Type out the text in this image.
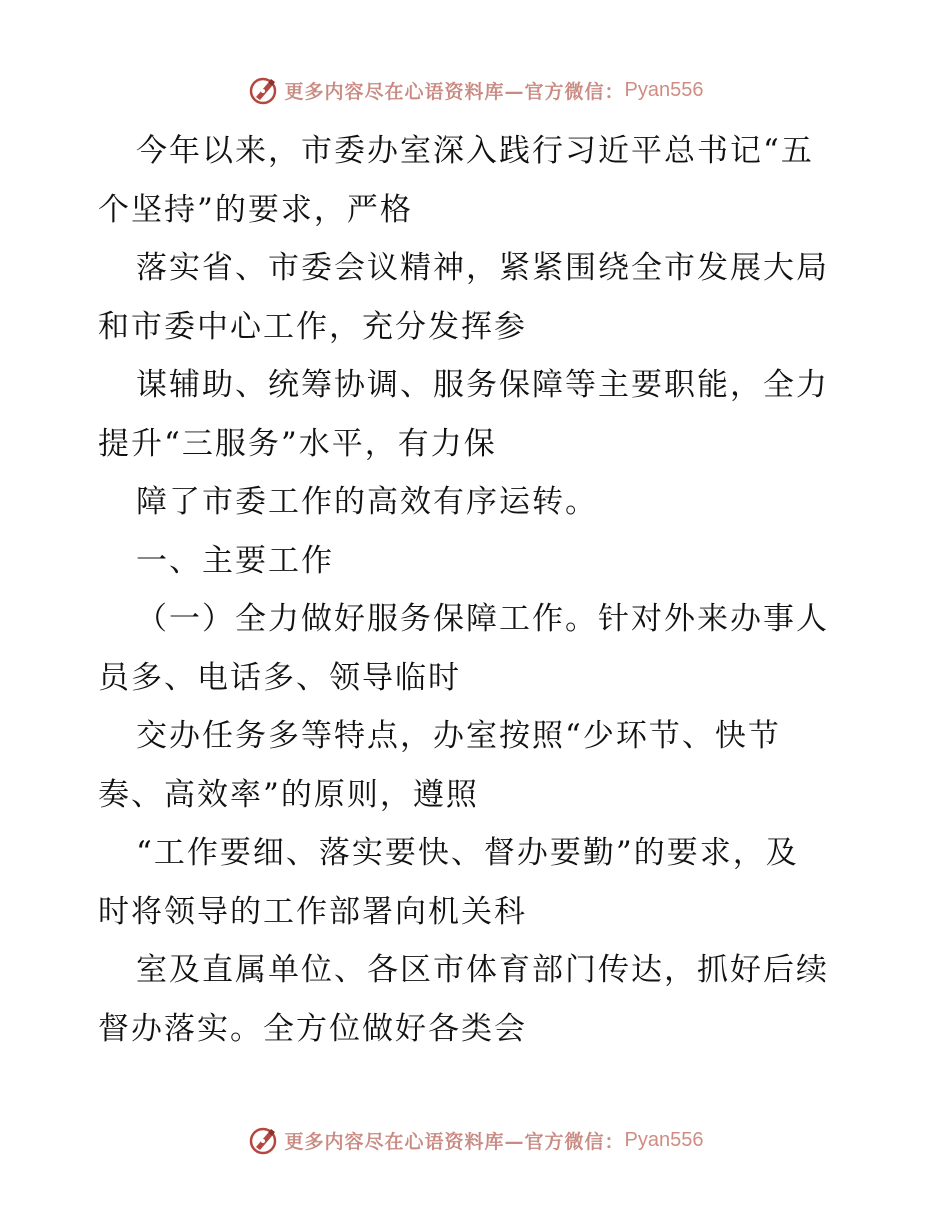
更多内容尽在心语资料库—官方微信： Pyan556
今年以来，市委办室深入践行习近平总书记“五
个坚持”的要求，严格
落实省、市委会议精神，紧紧围绕全市发展大局
和市委中心工作，充分发挥参
谋辅助、统筹协调、服务保障等主要职能，全力
提升“三服务”水平，有力保
障了市委工作的高效有序运转。
一、主要工作
（一）全力做好服务保障工作。针对外来办事人
员多、电话多、领导临时
交办任务多等特点，办室按照“少环节、快节
奏、高效率”的原则，遵照
“工作要细、落实要快、督办要勤”的要求，及
时将领导的工作部署向机关科
室及直属单位、各区市体育部门传达，抓好后续
督办落实。全方位做好各类会
更多内容尽在心语资料库—官方微信： Pyan556
